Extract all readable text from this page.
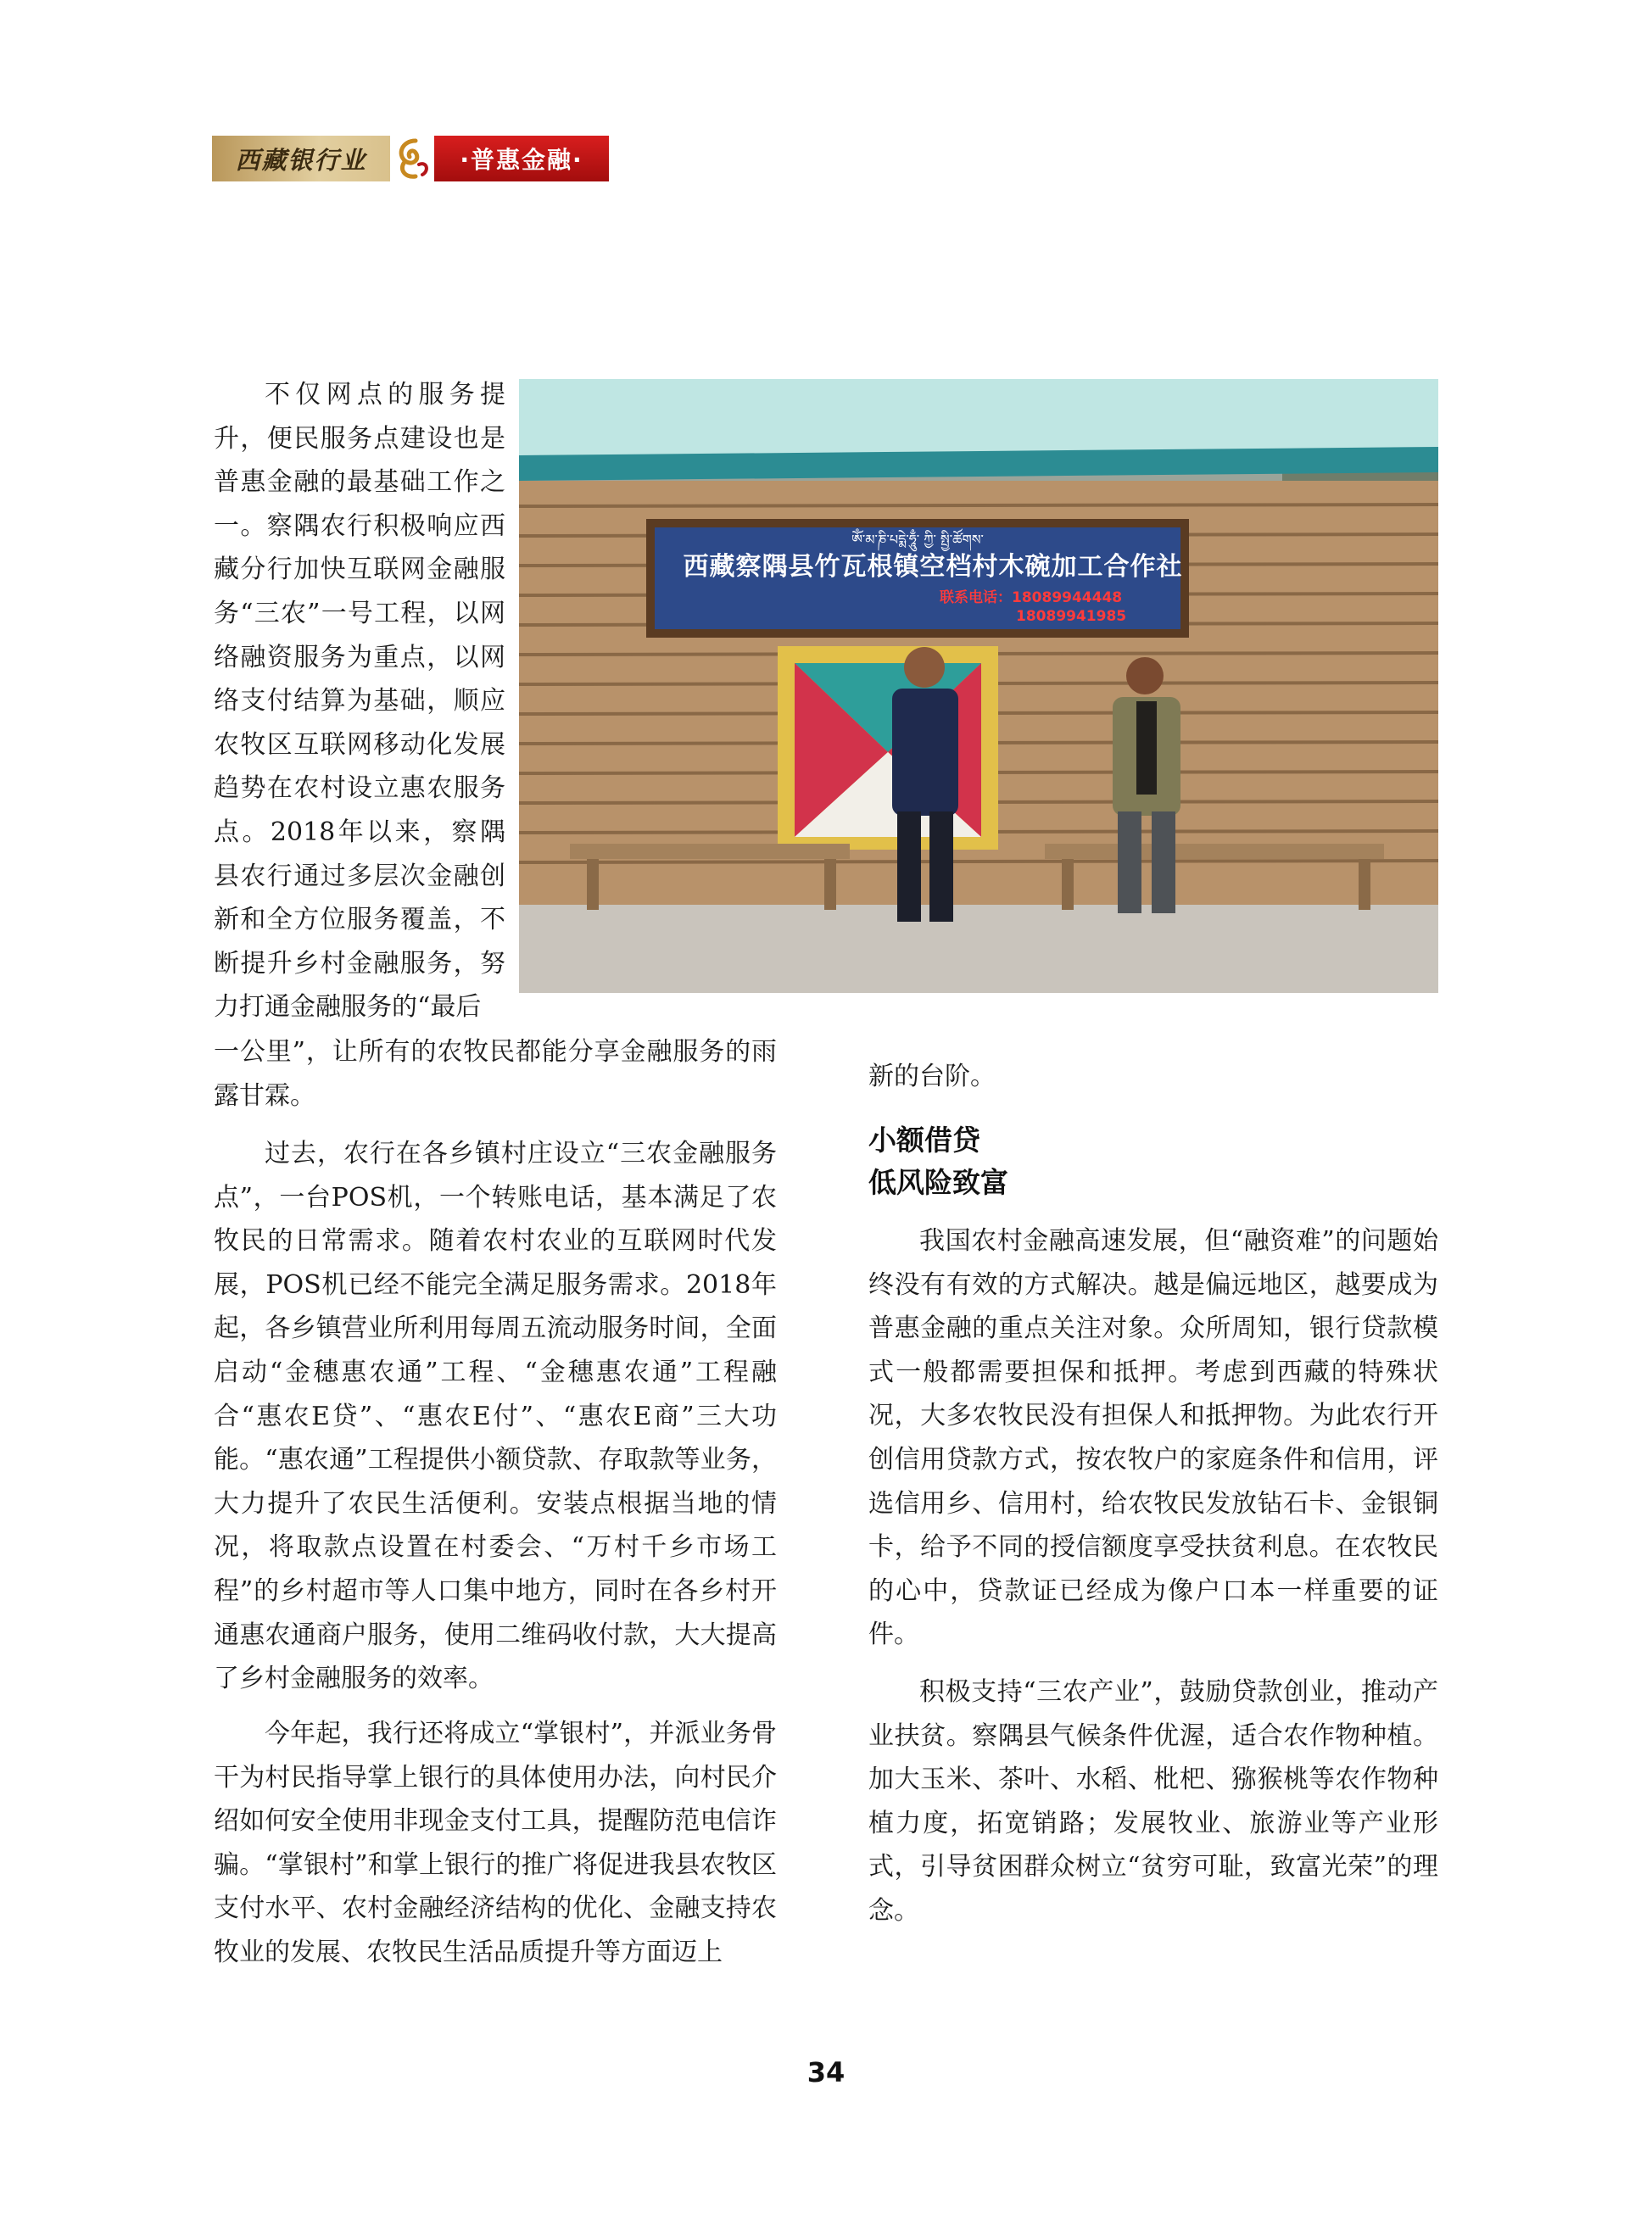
西藏银行业	·普惠金融·
ༀ་མ་ཎི་པདྨེ་ཧཱུྃ་ ཀྱི་ སྤྱི་ཚོགས་
西藏察隅县竹瓦根镇空档村木碗加工合作社
联系电话：18089944448
18089941985

不仅网点的服务提升，便民服务点建设也是普惠金融的最基础工作之一。察隅农行积极响应西藏分行加快互联网金融服务“三农”一号工程，以网络融资服务为重点，以网络支付结算为基础，顺应农牧区互联网移动化发展趋势在农村设立惠农服务点。2018年以来，察隅县农行通过多层次金融创新和全方位服务覆盖，不断提升乡村金融服务，努力打通金融服务的“最后

一公里”，让所有的农牧民都能分享金融服务的雨露甘霖。

过去，农行在各乡镇村庄设立“三农金融服务点”，一台POS机，一个转账电话，基本满足了农牧民的日常需求。随着农村农业的互联网时代发展，POS机已经不能完全满足服务需求。2018年起，各乡镇营业所利用每周五流动服务时间，全面启动“金穗惠农通”工程、“金穗惠农通”工程融合“惠农E贷”、“惠农E付”、“惠农E商”三大功能。“惠农通”工程提供小额贷款、存取款等业务，大力提升了农民生活便利。安装点根据当地的情况，将取款点设置在村委会、“万村千乡市场工程”的乡村超市等人口集中地方，同时在各乡村开通惠农通商户服务，使用二维码收付款，大大提高了乡村金融服务的效率。

今年起，我行还将成立“掌银村”，并派业务骨干为村民指导掌上银行的具体使用办法，向村民介绍如何安全使用非现金支付工具，提醒防范电信诈骗。“掌银村”和掌上银行的推广将促进我县农牧区支付水平、农村金融经济结构的优化、金融支持农牧业的发展、农牧民生活品质提升等方面迈上

新的台阶。

小额借贷
低风险致富

我国农村金融高速发展，但“融资难”的问题始终没有有效的方式解决。越是偏远地区，越要成为普惠金融的重点关注对象。众所周知，银行贷款模式一般都需要担保和抵押。考虑到西藏的特殊状况，大多农牧民没有担保人和抵押物。为此农行开创信用贷款方式，按农牧户的家庭条件和信用，评选信用乡、信用村，给农牧民发放钻石卡、金银铜卡，给予不同的授信额度享受扶贫利息。在农牧民的心中，贷款证已经成为像户口本一样重要的证件。

积极支持“三农产业”，鼓励贷款创业，推动产业扶贫。察隅县气候条件优渥，适合农作物种植。加大玉米、茶叶、水稻、枇杷、猕猴桃等农作物种植力度，拓宽销路；发展牧业、旅游业等产业形式，引导贫困群众树立“贫穷可耻，致富光荣”的理念。

34
